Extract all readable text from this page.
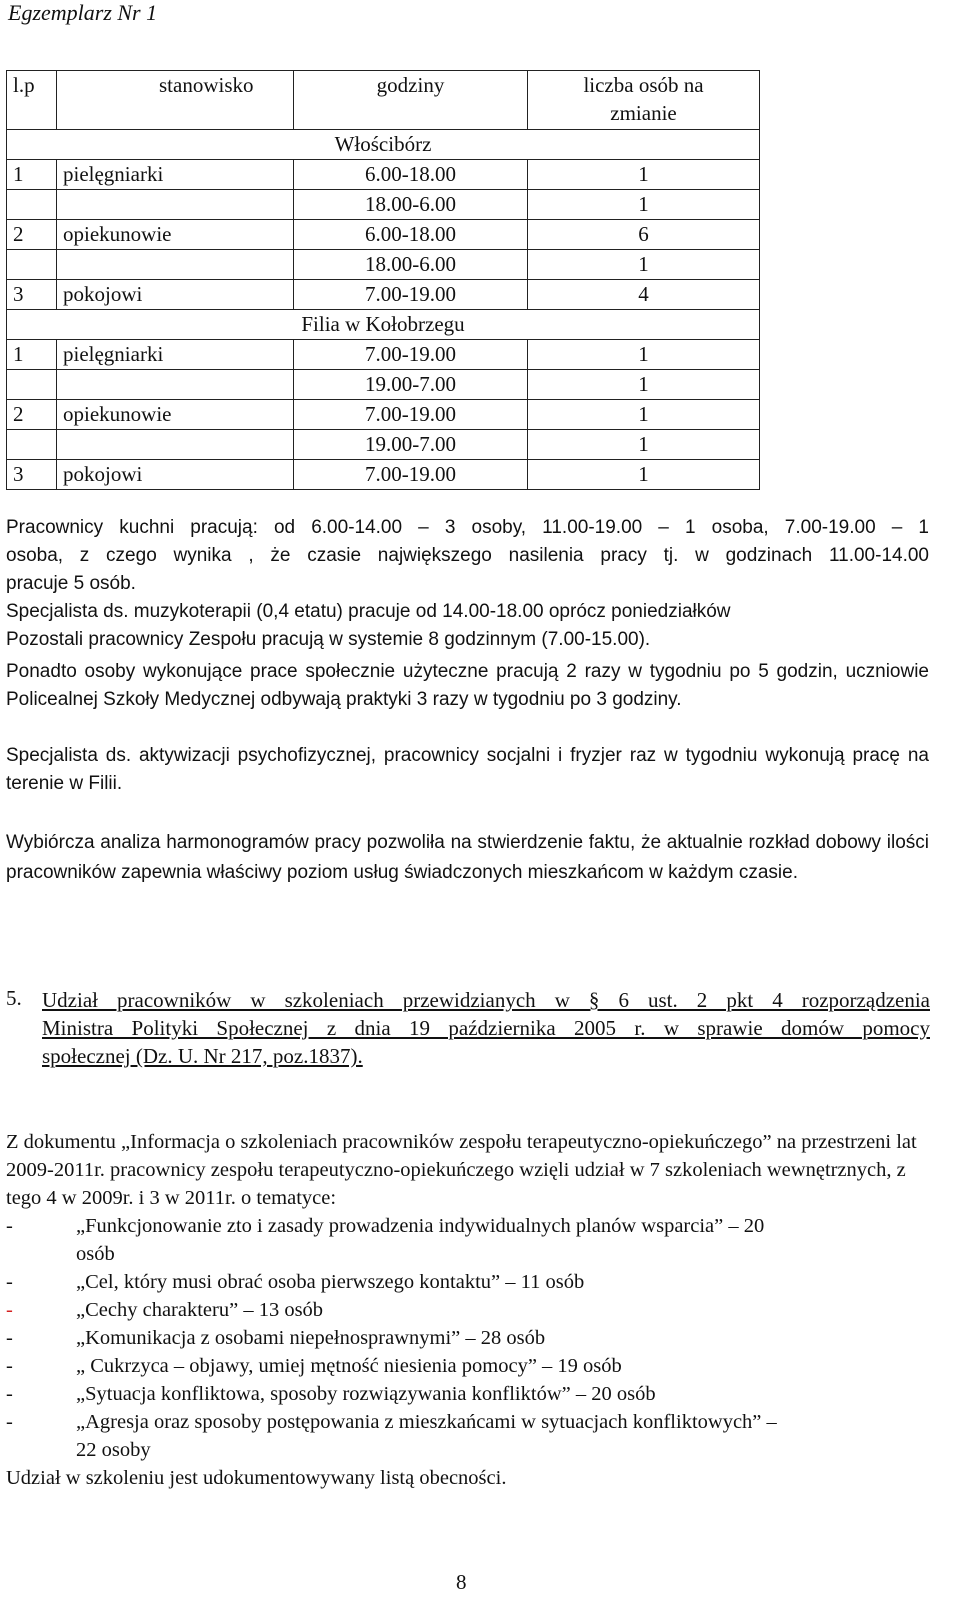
Egzemplarz Nr 1
l.p	stanowisko	godziny	liczba osób na zmianie
Włościbórz			
1	pielęgniarki	6.00-18.00	1
		18.00-6.00	1
2	opiekunowie	6.00-18.00	6
		18.00-6.00	1
3	pokojowi	7.00-19.00	4
Filia w Kołobrzegu			
1	pielęgniarki	7.00-19.00	1
		19.00-7.00	1
2	opiekunowie	7.00-19.00	1
		19.00-7.00	1
3	pokojowi	7.00-19.00	1
Pracownicy kuchni pracują: od 6.00-14.00 – 3 osoby, 11.00-19.00 – 1 osoba, 7.00-19.00 – 1
osoba, z czego wynika , że czasie największego nasilenia pracy tj. w godzinach 11.00-14.00
pracuje 5 osób.
Specjalista ds. muzykoterapii (0,4 etatu) pracuje od 14.00-18.00 oprócz poniedziałków
Pozostali pracownicy Zespołu pracują w systemie 8 godzinnym (7.00-15.00).
Ponadto osoby wykonujące prace społecznie użyteczne pracują 2 razy w tygodniu po 5 godzin, uczniowie Policealnej Szkoły Medycznej odbywają praktyki 3 razy w tygodniu po 3 godziny.
Specjalista ds. aktywizacji psychofizycznej, pracownicy socjalni i fryzjer raz w tygodniu wykonują pracę na terenie w Filii.
Wybiórcza analiza harmonogramów pracy pozwoliła na stwierdzenie faktu, że aktualnie rozkład dobowy ilości pracowników zapewnia właściwy poziom usług świadczonych mieszkańcom w każdym czasie.
5. Udział pracowników w szkoleniach przewidzianych w § 6 ust. 2 pkt 4 rozporządzenia
Ministra Polityki Społecznej z dnia 19 października 2005 r. w sprawie domów pomocy
społecznej (Dz. U. Nr 217, poz.1837).
Z dokumentu „Informacja o szkoleniach pracowników zespołu terapeutyczno-opiekuńczego” na przestrzeni lat 2009-2011r. pracownicy zespołu terapeutyczno-opiekuńczego wzięli udział w 7 szkoleniach wewnętrznych, z tego 4 w 2009r. i 3 w 2011r. o tematyce:
-	„Funkcjonowanie zto i zasady prowadzenia indywidualnych planów wsparcia” – 20
osób
-	„Cel, który musi obrać osoba pierwszego kontaktu” – 11 osób
-	„Cechy charakteru” – 13 osób
-	„Komunikacja z osobami niepełnosprawnymi” – 28 osób
-	„ Cukrzyca – objawy, umiej mętność niesienia pomocy” – 19 osób
-	„Sytuacja konfliktowa, sposoby rozwiązywania konfliktów” – 20 osób
-	„Agresja oraz sposoby postępowania z mieszkańcami w sytuacjach konfliktowych” –
22 osoby
Udział w szkoleniu jest udokumentowywany listą obecności.
8
